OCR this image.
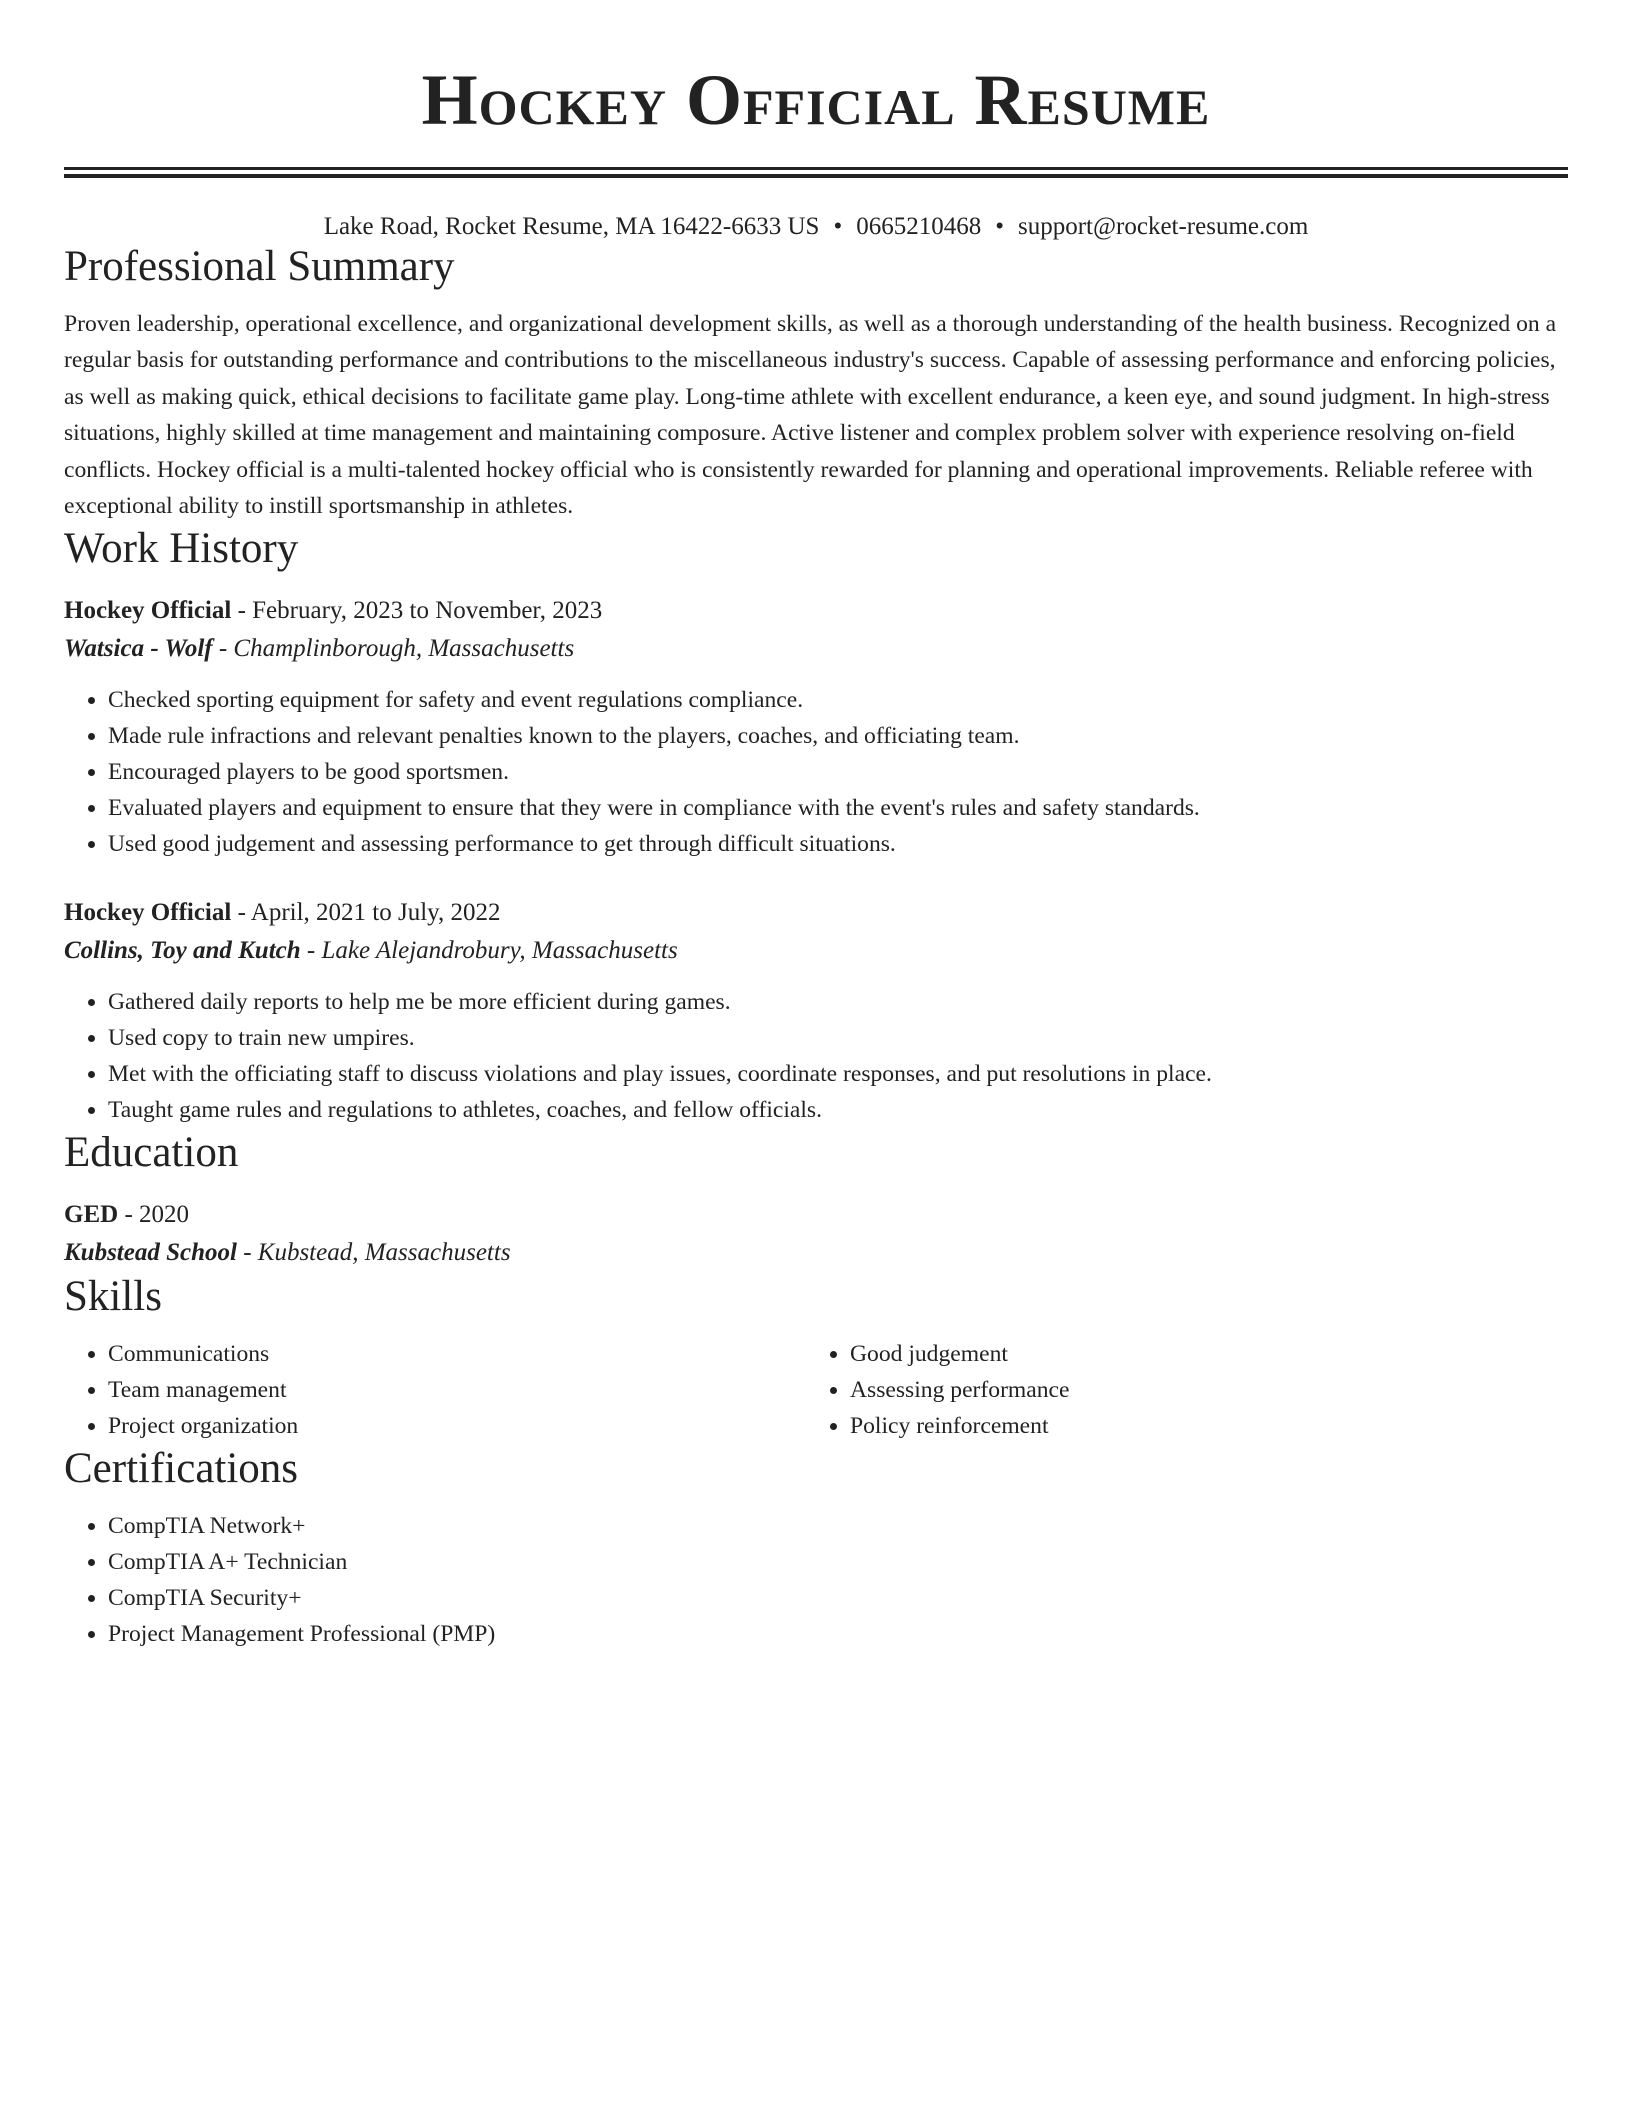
Hockey Official Resume
Lake Road, Rocket Resume, MA 16422-6633 US • 0665210468 • support@rocket-resume.com
Professional Summary

Proven leadership, operational excellence, and organizational development skills, as well as a thorough understanding of the health business. Recognized on a regular basis for outstanding performance and contributions to the miscellaneous industry's success. Capable of assessing performance and enforcing policies, as well as making quick, ethical decisions to facilitate game play. Long-time athlete with excellent endurance, a keen eye, and sound judgment. In high-stress situations, highly skilled at time management and maintaining composure. Active listener and complex problem solver with experience resolving on-field conflicts. Hockey official is a multi-talented hockey official who is consistently rewarded for planning and operational improvements. Reliable referee with exceptional ability to instill sportsmanship in athletes.

Work History
Hockey Official - February, 2023 to November, 2023
Watsica - Wolf - Champlinborough, Massachusetts
• Checked sporting equipment for safety and event regulations compliance.
• Made rule infractions and relevant penalties known to the players, coaches, and officiating team.
• Encouraged players to be good sportsmen.
• Evaluated players and equipment to ensure that they were in compliance with the event's rules and safety standards.
• Used good judgement and assessing performance to get through difficult situations.
Hockey Official - April, 2021 to July, 2022
Collins, Toy and Kutch - Lake Alejandrobury, Massachusetts
• Gathered daily reports to help me be more efficient during games.
• Used copy to train new umpires.
• Met with the officiating staff to discuss violations and play issues, coordinate responses, and put resolutions in place.
• Taught game rules and regulations to athletes, coaches, and fellow officials.
Education
GED - 2020
Kubstead School - Kubstead, Massachusetts
Skills
• Communications
• Team management
• Project organization
• Good judgement
• Assessing performance
• Policy reinforcement
Certifications
• CompTIA Network+
• CompTIA A+ Technician
• CompTIA Security+
• Project Management Professional (PMP)
